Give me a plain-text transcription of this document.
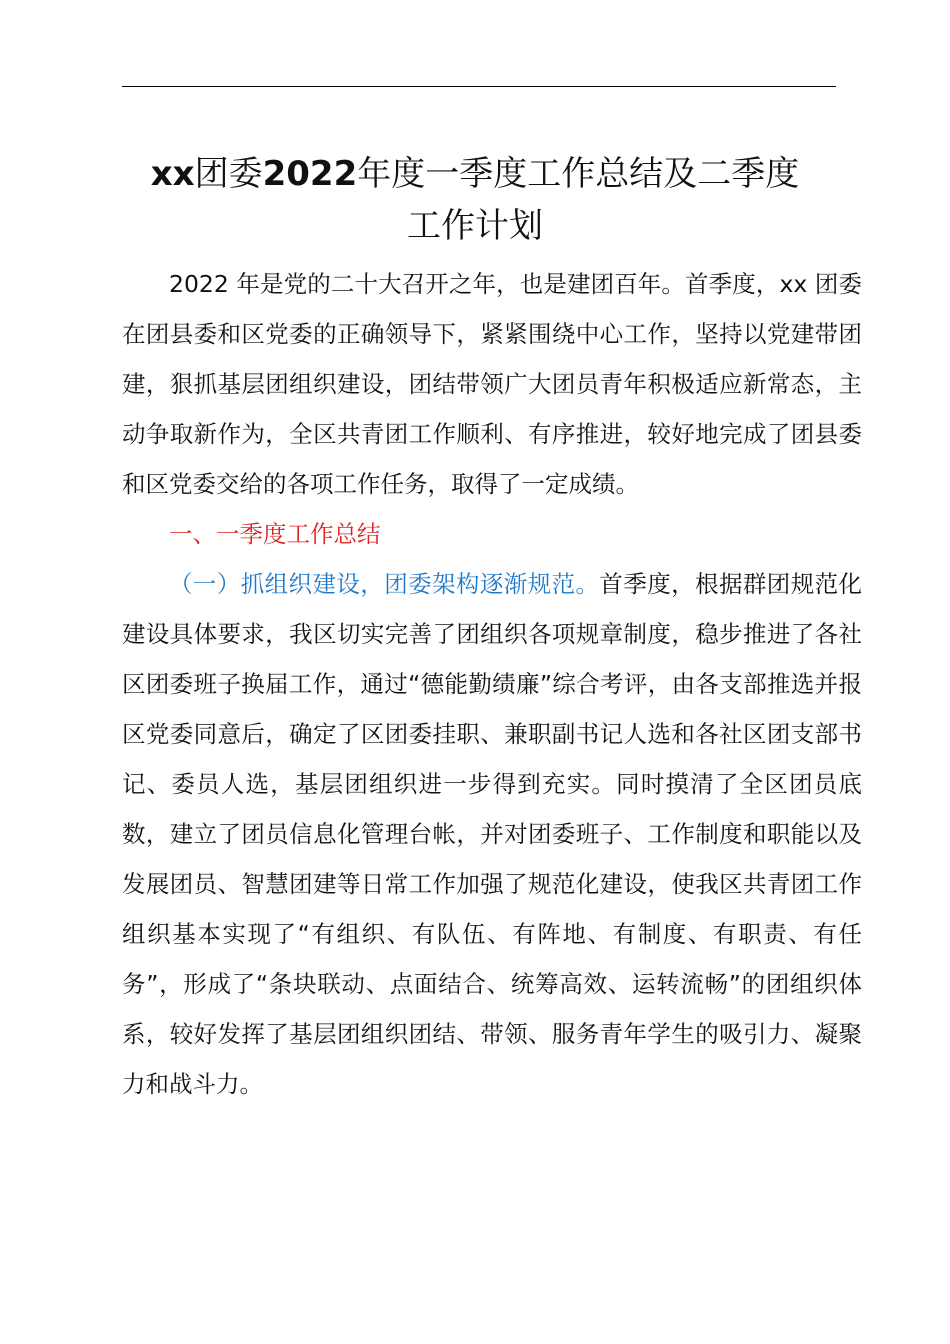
xx团委2022年度一季度工作总结及二季度
工作计划

2022 年是党的二十大召开之年，也是建团百年。首季度，xx 团委在团县委和区党委的正确领导下，紧紧围绕中心工作，坚持以党建带团建，狠抓基层团组织建设，团结带领广大团员青年积极适应新常态，主动争取新作为，全区共青团工作顺利、有序推进，较好地完成了团县委和区党委交给的各项工作任务，取得了一定成绩。

一、一季度工作总结

（一）抓组织建设，团委架构逐渐规范。首季度，根据群团规范化建设具体要求，我区切实完善了团组织各项规章制度，稳步推进了各社区团委班子换届工作，通过“德能勤绩廉”综合考评，由各支部推选并报区党委同意后，确定了区团委挂职、兼职副书记人选和各社区团支部书记、委员人选，基层团组织进一步得到充实。同时摸清了全区团员底数，建立了团员信息化管理台帐，并对团委班子、工作制度和职能以及发展团员、智慧团建等日常工作加强了规范化建设，使我区共青团工作组织基本实现了“有组织、有队伍、有阵地、有制度、有职责、有任务”，形成了“条块联动、点面结合、统筹高效、运转流畅”的团组织体系，较好发挥了基层团组织团结、带领、服务青年学生的吸引力、凝聚力和战斗力。
